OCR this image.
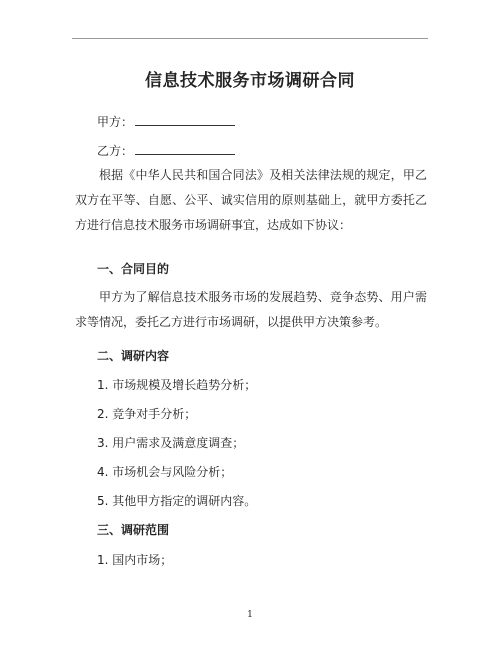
信息技术服务市场调研合同
甲方：
乙方：
根据《中华人民共和国合同法》及相关法律法规的规定，甲乙双方在平等、自愿、公平、诚实信用的原则基础上，就甲方委托乙方进行信息技术服务市场调研事宜，达成如下协议：
一、合同目的
甲方为了解信息技术服务市场的发展趋势、竞争态势、用户需求等情况，委托乙方进行市场调研，以提供甲方决策参考。
二、调研内容
1. 市场规模及增长趋势分析；
2. 竞争对手分析；
3. 用户需求及满意度调查；
4. 市场机会与风险分析；
5. 其他甲方指定的调研内容。
三、调研范围
1. 国内市场；
1
